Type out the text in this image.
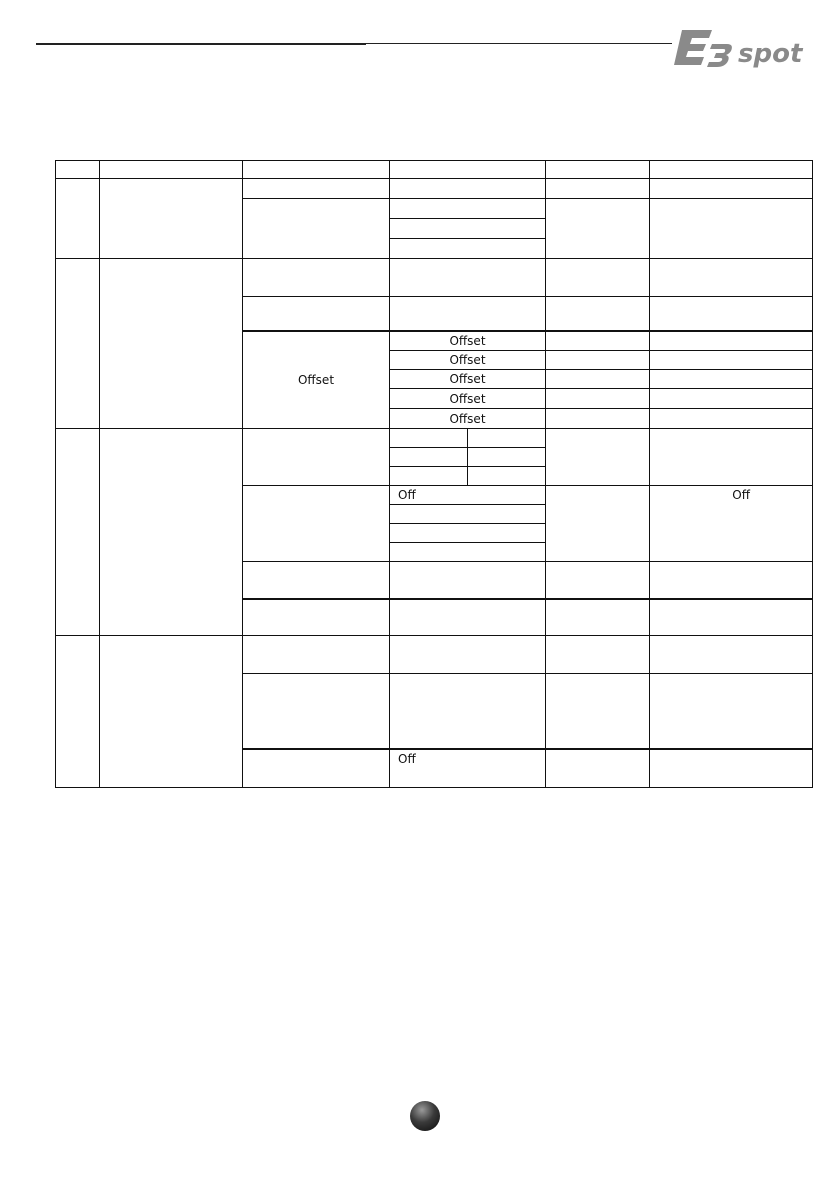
spot
Offset
Offset
Offset
Offset
Offset
Offset
Off	Off
Off
